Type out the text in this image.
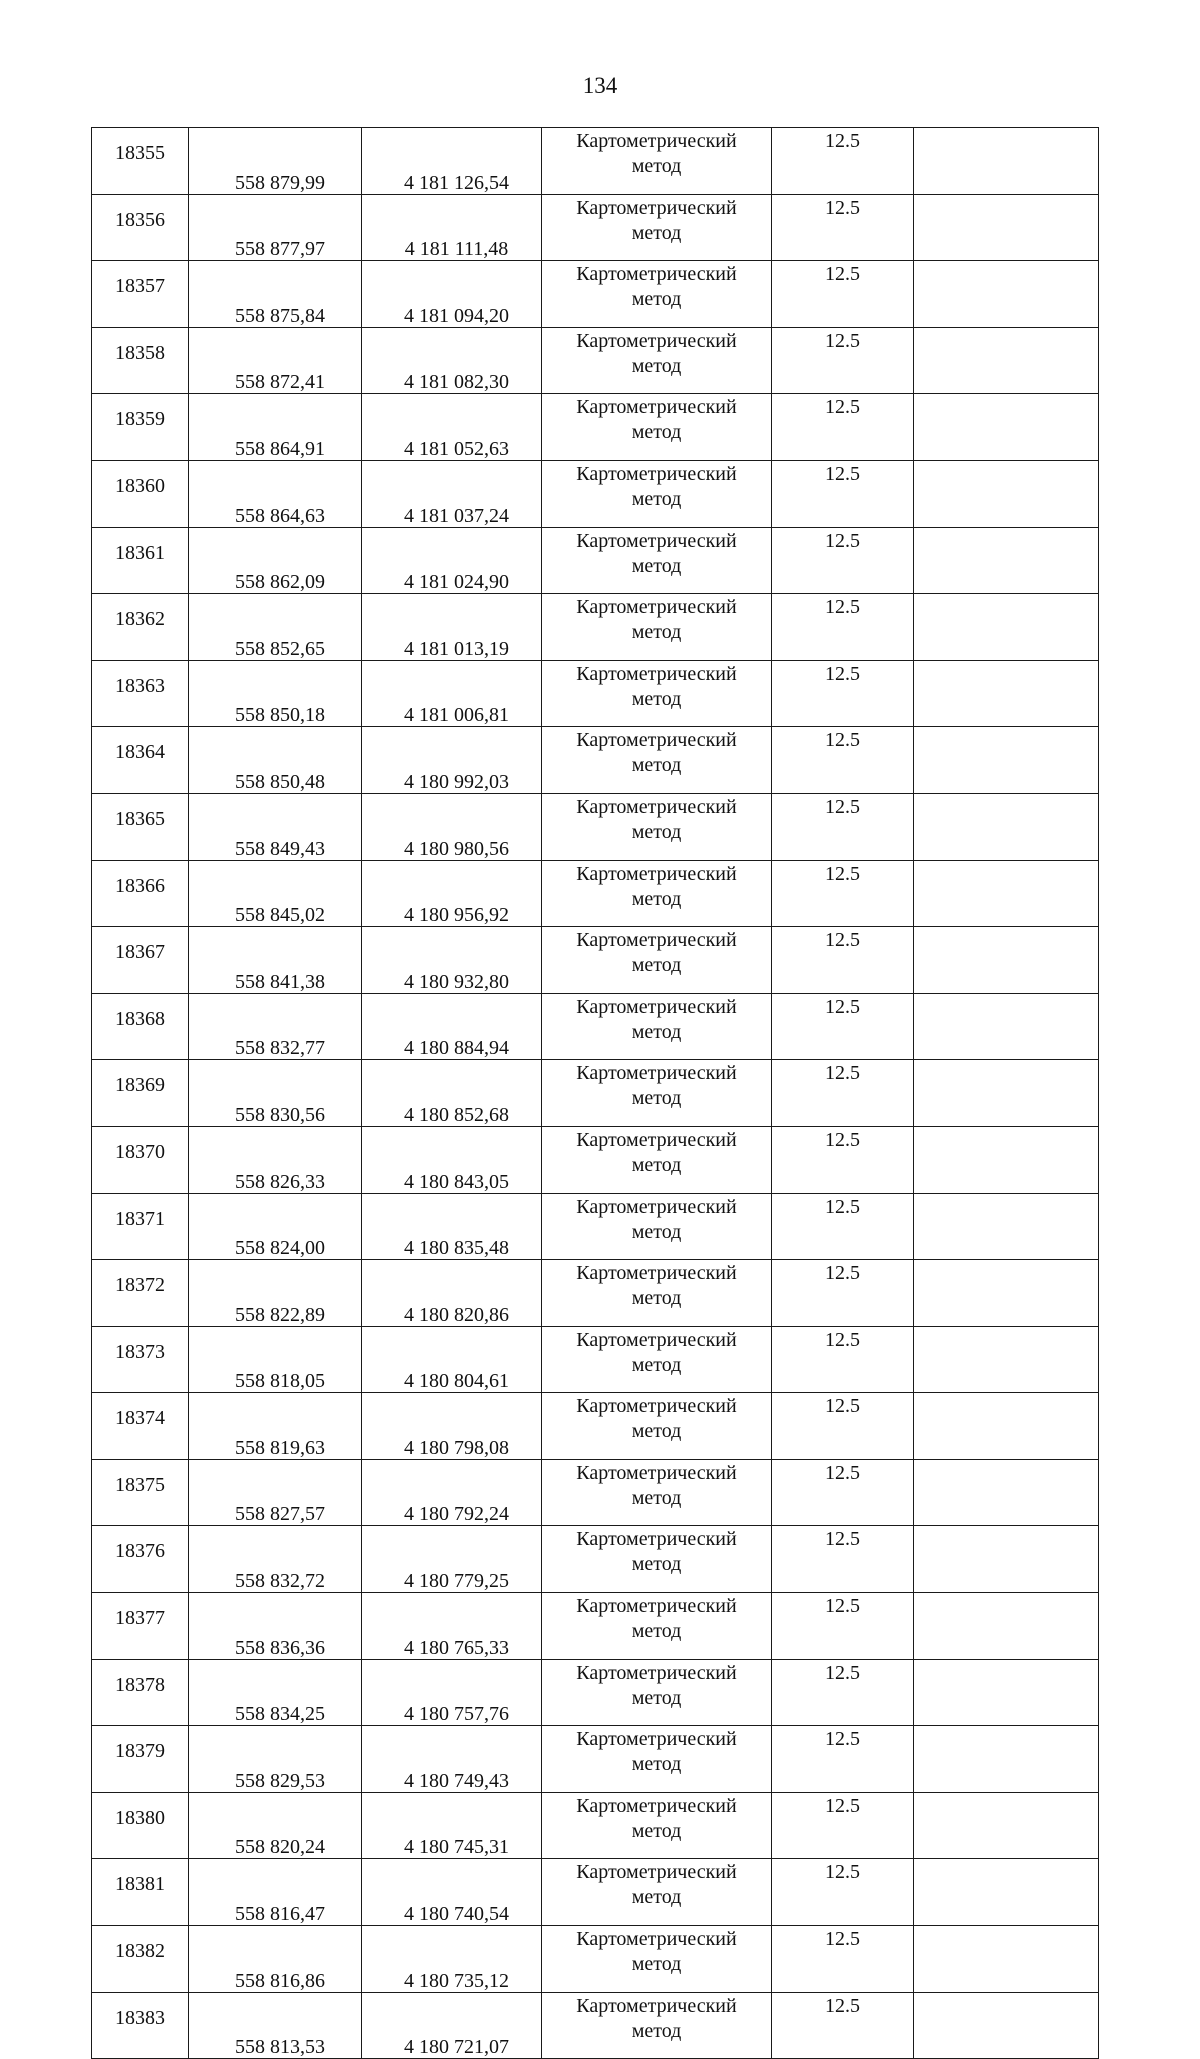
134
18355	558 879,99	4 181 126,54	Картометрический
метод	12.5	
18356	558 877,97	4 181 111,48	Картометрический
метод	12.5	
18357	558 875,84	4 181 094,20	Картометрический
метод	12.5	
18358	558 872,41	4 181 082,30	Картометрический
метод	12.5	
18359	558 864,91	4 181 052,63	Картометрический
метод	12.5	
18360	558 864,63	4 181 037,24	Картометрический
метод	12.5	
18361	558 862,09	4 181 024,90	Картометрический
метод	12.5	
18362	558 852,65	4 181 013,19	Картометрический
метод	12.5	
18363	558 850,18	4 181 006,81	Картометрический
метод	12.5	
18364	558 850,48	4 180 992,03	Картометрический
метод	12.5	
18365	558 849,43	4 180 980,56	Картометрический
метод	12.5	
18366	558 845,02	4 180 956,92	Картометрический
метод	12.5	
18367	558 841,38	4 180 932,80	Картометрический
метод	12.5	
18368	558 832,77	4 180 884,94	Картометрический
метод	12.5	
18369	558 830,56	4 180 852,68	Картометрический
метод	12.5	
18370	558 826,33	4 180 843,05	Картометрический
метод	12.5	
18371	558 824,00	4 180 835,48	Картометрический
метод	12.5	
18372	558 822,89	4 180 820,86	Картометрический
метод	12.5	
18373	558 818,05	4 180 804,61	Картометрический
метод	12.5	
18374	558 819,63	4 180 798,08	Картометрический
метод	12.5	
18375	558 827,57	4 180 792,24	Картометрический
метод	12.5	
18376	558 832,72	4 180 779,25	Картометрический
метод	12.5	
18377	558 836,36	4 180 765,33	Картометрический
метод	12.5	
18378	558 834,25	4 180 757,76	Картометрический
метод	12.5	
18379	558 829,53	4 180 749,43	Картометрический
метод	12.5	
18380	558 820,24	4 180 745,31	Картометрический
метод	12.5	
18381	558 816,47	4 180 740,54	Картометрический
метод	12.5	
18382	558 816,86	4 180 735,12	Картометрический
метод	12.5	
18383	558 813,53	4 180 721,07	Картометрический
метод	12.5	
